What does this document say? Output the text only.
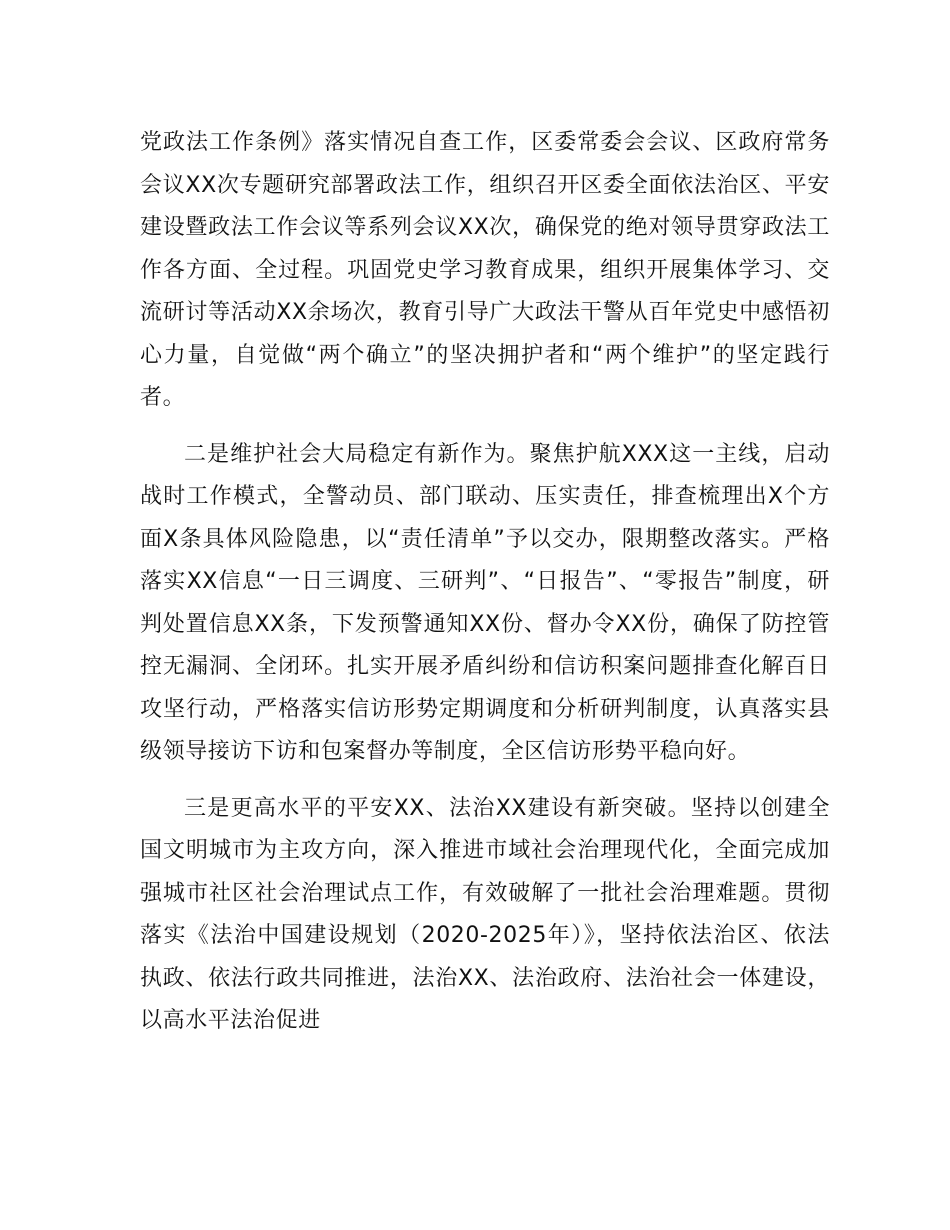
党政法工作条例》落实情况自查工作，区委常委会会议、区政府常务会议XX次专题研究部署政法工作，组织召开区委全面依法治区、平安建设暨政法工作会议等系列会议XX次，确保党的绝对领导贯穿政法工作各方面、全过程。巩固党史学习教育成果，组织开展集体学习、交流研讨等活动XX余场次，教育引导广大政法干警从百年党史中感悟初心力量，自觉做“两个确立”的坚决拥护者和“两个维护”的坚定践行者。

二是维护社会大局稳定有新作为。聚焦护航XXX这一主线，启动战时工作模式，全警动员、部门联动、压实责任，排查梳理出X个方面X条具体风险隐患，以“责任清单”予以交办，限期整改落实。严格落实XX信息“一日三调度、三研判”、“日报告”、“零报告”制度，研判处置信息XX条，下发预警通知XX份、督办令XX份，确保了防控管控无漏洞、全闭环。扎实开展矛盾纠纷和信访积案问题排查化解百日攻坚行动，严格落实信访形势定期调度和分析研判制度，认真落实县级领导接访下访和包案督办等制度，全区信访形势平稳向好。

三是更高水平的平安XX、法治XX建设有新突破。坚持以创建全国文明城市为主攻方向，深入推进市域社会治理现代化，全面完成加强城市社区社会治理试点工作，有效破解了一批社会治理难题。贯彻落实《法治中国建设规划（2020-2025年）》，坚持依法治区、依法执政、依法行政共同推进，法治XX、法治政府、法治社会一体建设，以高水平法治促进
